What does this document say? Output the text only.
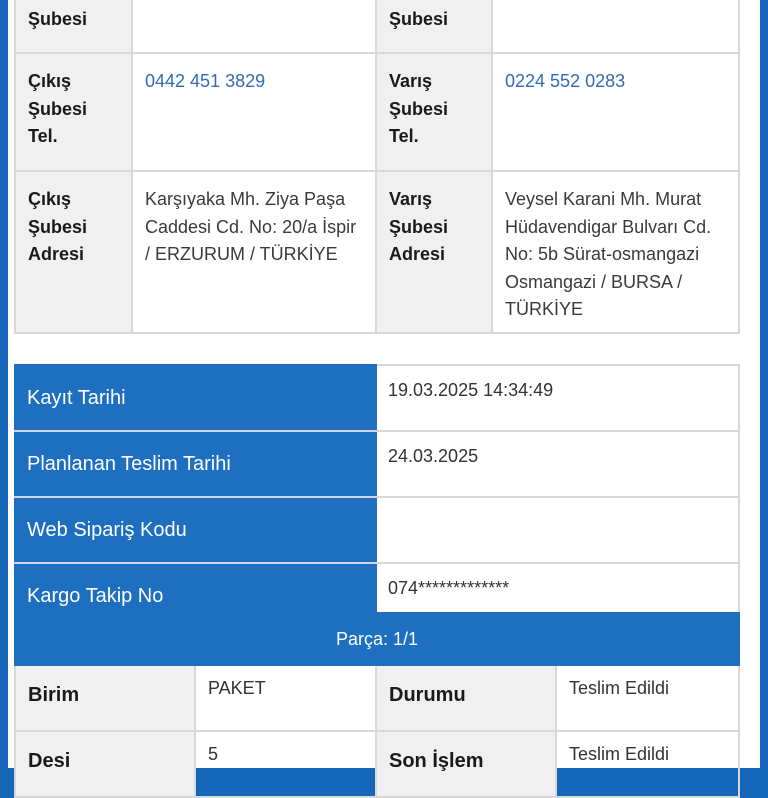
Şubesi		Şubesi	
Çıkış Şubesi Tel.	0442 451 3829	Varış Şubesi Tel.	0224 552 0283
Çıkış Şubesi Adresi	Karşıyaka Mh. Ziya Paşa Caddesi Cd. No: 20/a İspir / ERZURUM / TÜRKİYE	Varış Şubesi Adresi	Veysel Karani Mh. Murat Hüdavendigar Bulvarı Cd. No: 5b Sürat-osmangazi Osmangazi / BURSA / TÜRKİYE
Kayıt Tarihi	19.03.2025 14:34:49
Planlanan Teslim Tarihi	24.03.2025
Web Sipariş Kodu	
Kargo Takip No	074*************
Parça: 1/1			
Birim	PAKET	Durumu	Teslim Edildi
Desi	5	Son İşlem	Teslim Edildi
